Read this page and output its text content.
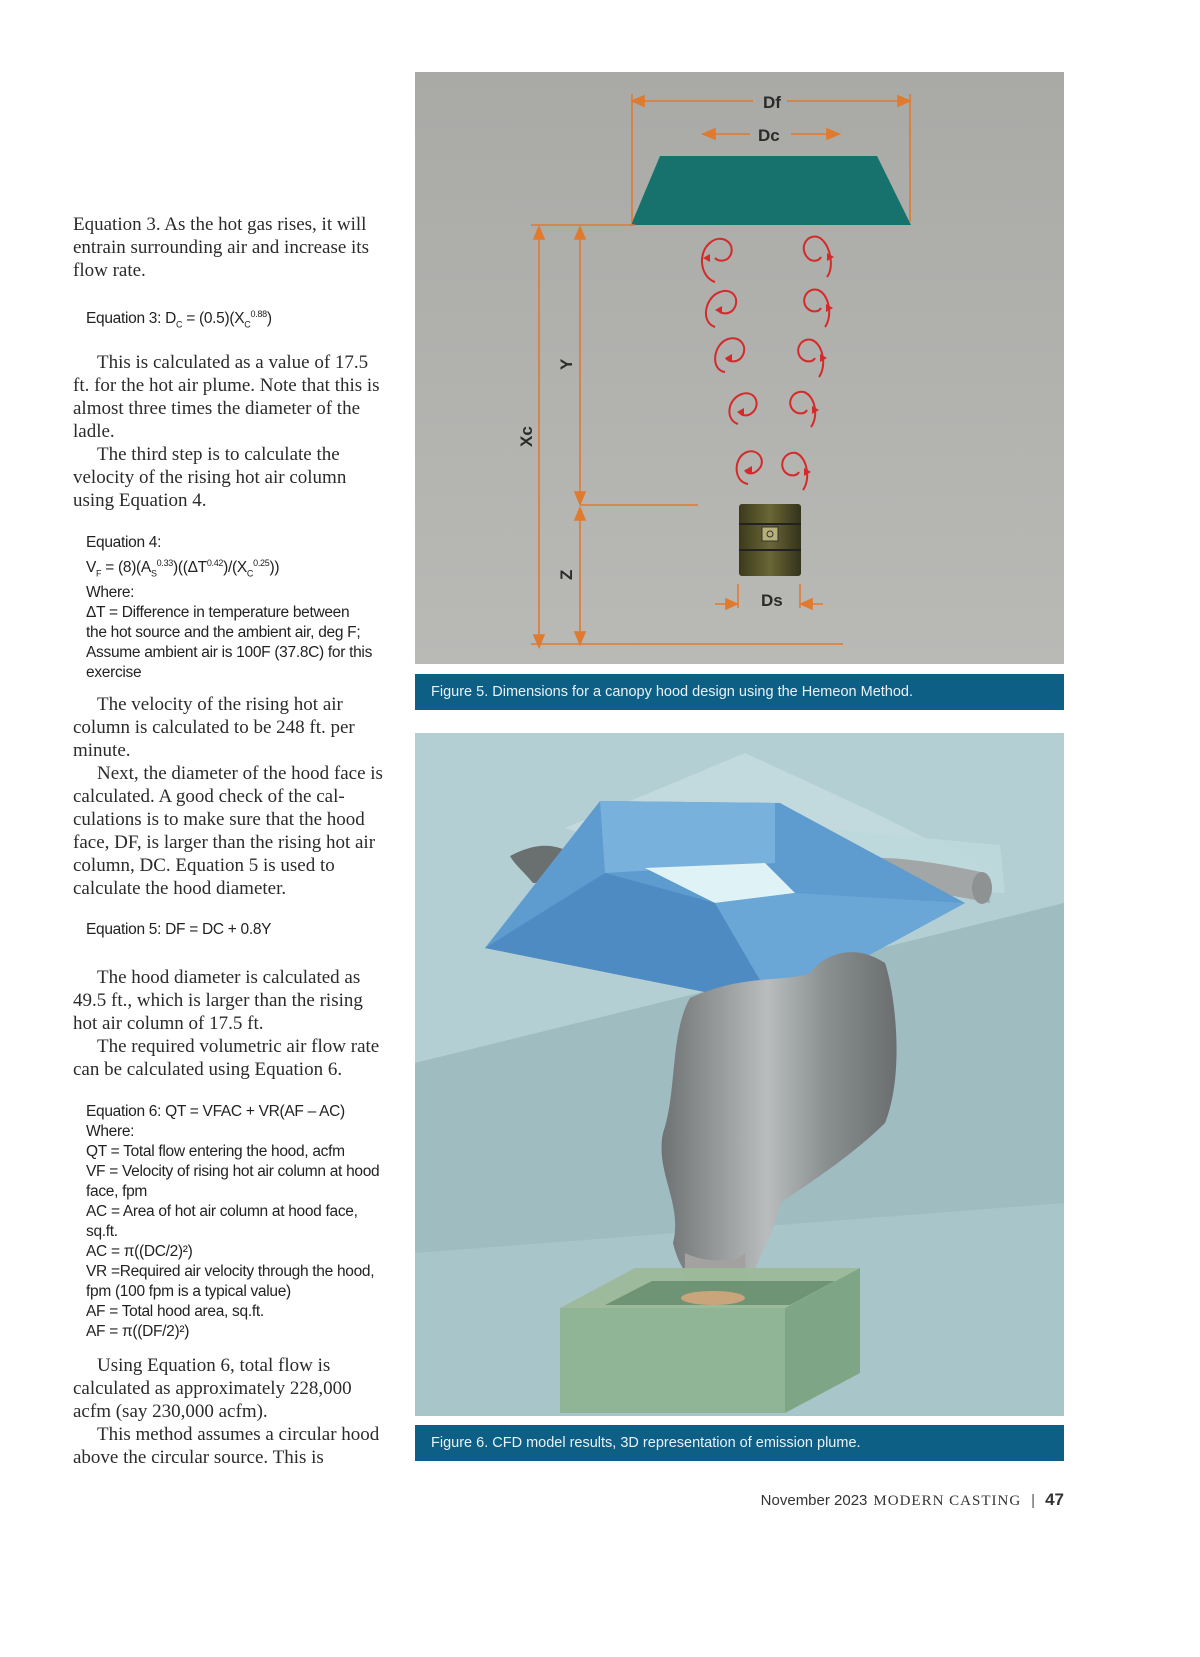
Equation 3. As the hot gas rises, it will entrain surrounding air and increase its flow rate.

Equation 3: $D_C = (0.5)(X_C^{0.88})$

This is calculated as a value of 17.5 ft. for the hot air plume. Note that this is almost three times the diameter of the ladle.

The third step is to calculate the velocity of the rising hot air column using Equation 4.

Equation 4:
$V_F = (8)(A_S^{0.33})((\Delta T^{0.42})/(X_C^{0.25}))$
Where:
ΔT = Difference in temperature between
the hot source and the ambient air, deg F;
Assume ambient air is 100F (37.8C) for this
exercise

The velocity of the rising hot air column is calculated to be 248 ft. per minute.

Next, the diameter of the hood face is calculated. A good check of the calculations is to make sure that the hood face, DF, is larger than the rising hot air column, DC. Equation 5 is used to calculate the hood diameter.

Equation 5: DF = DC + 0.8Y

The hood diameter is calculated as 49.5 ft., which is larger than the rising hot air column of 17.5 ft.

The required volumetric air flow rate can be calculated using Equation 6.

Equation 6: QT = VFAC + VR(AF – AC)
Where:
QT = Total flow entering the hood, acfm
VF = Velocity of rising hot air column at hood
face, fpm
AC = Area of hot air column at hood face,
sq.ft.
AC = π((DC/2)²)
VR =Required air velocity through the hood,
fpm (100 fpm is a typical value)
AF = Total hood area, sq.ft.
AF = π((DF/2)²)

Using Equation 6, total flow is calculated as approximately 228,000 acfm (say 230,000 acfm).

This method assumes a circular hood above the circular source. This is

Df
Dc
Ds
Xc
Y
Z
Figure 5. Dimensions for a canopy hood design using the Hemeon Method.
Figure 6. CFD model results, 3D representation of emission plume.
November 2023 MODERN CASTING | 47
